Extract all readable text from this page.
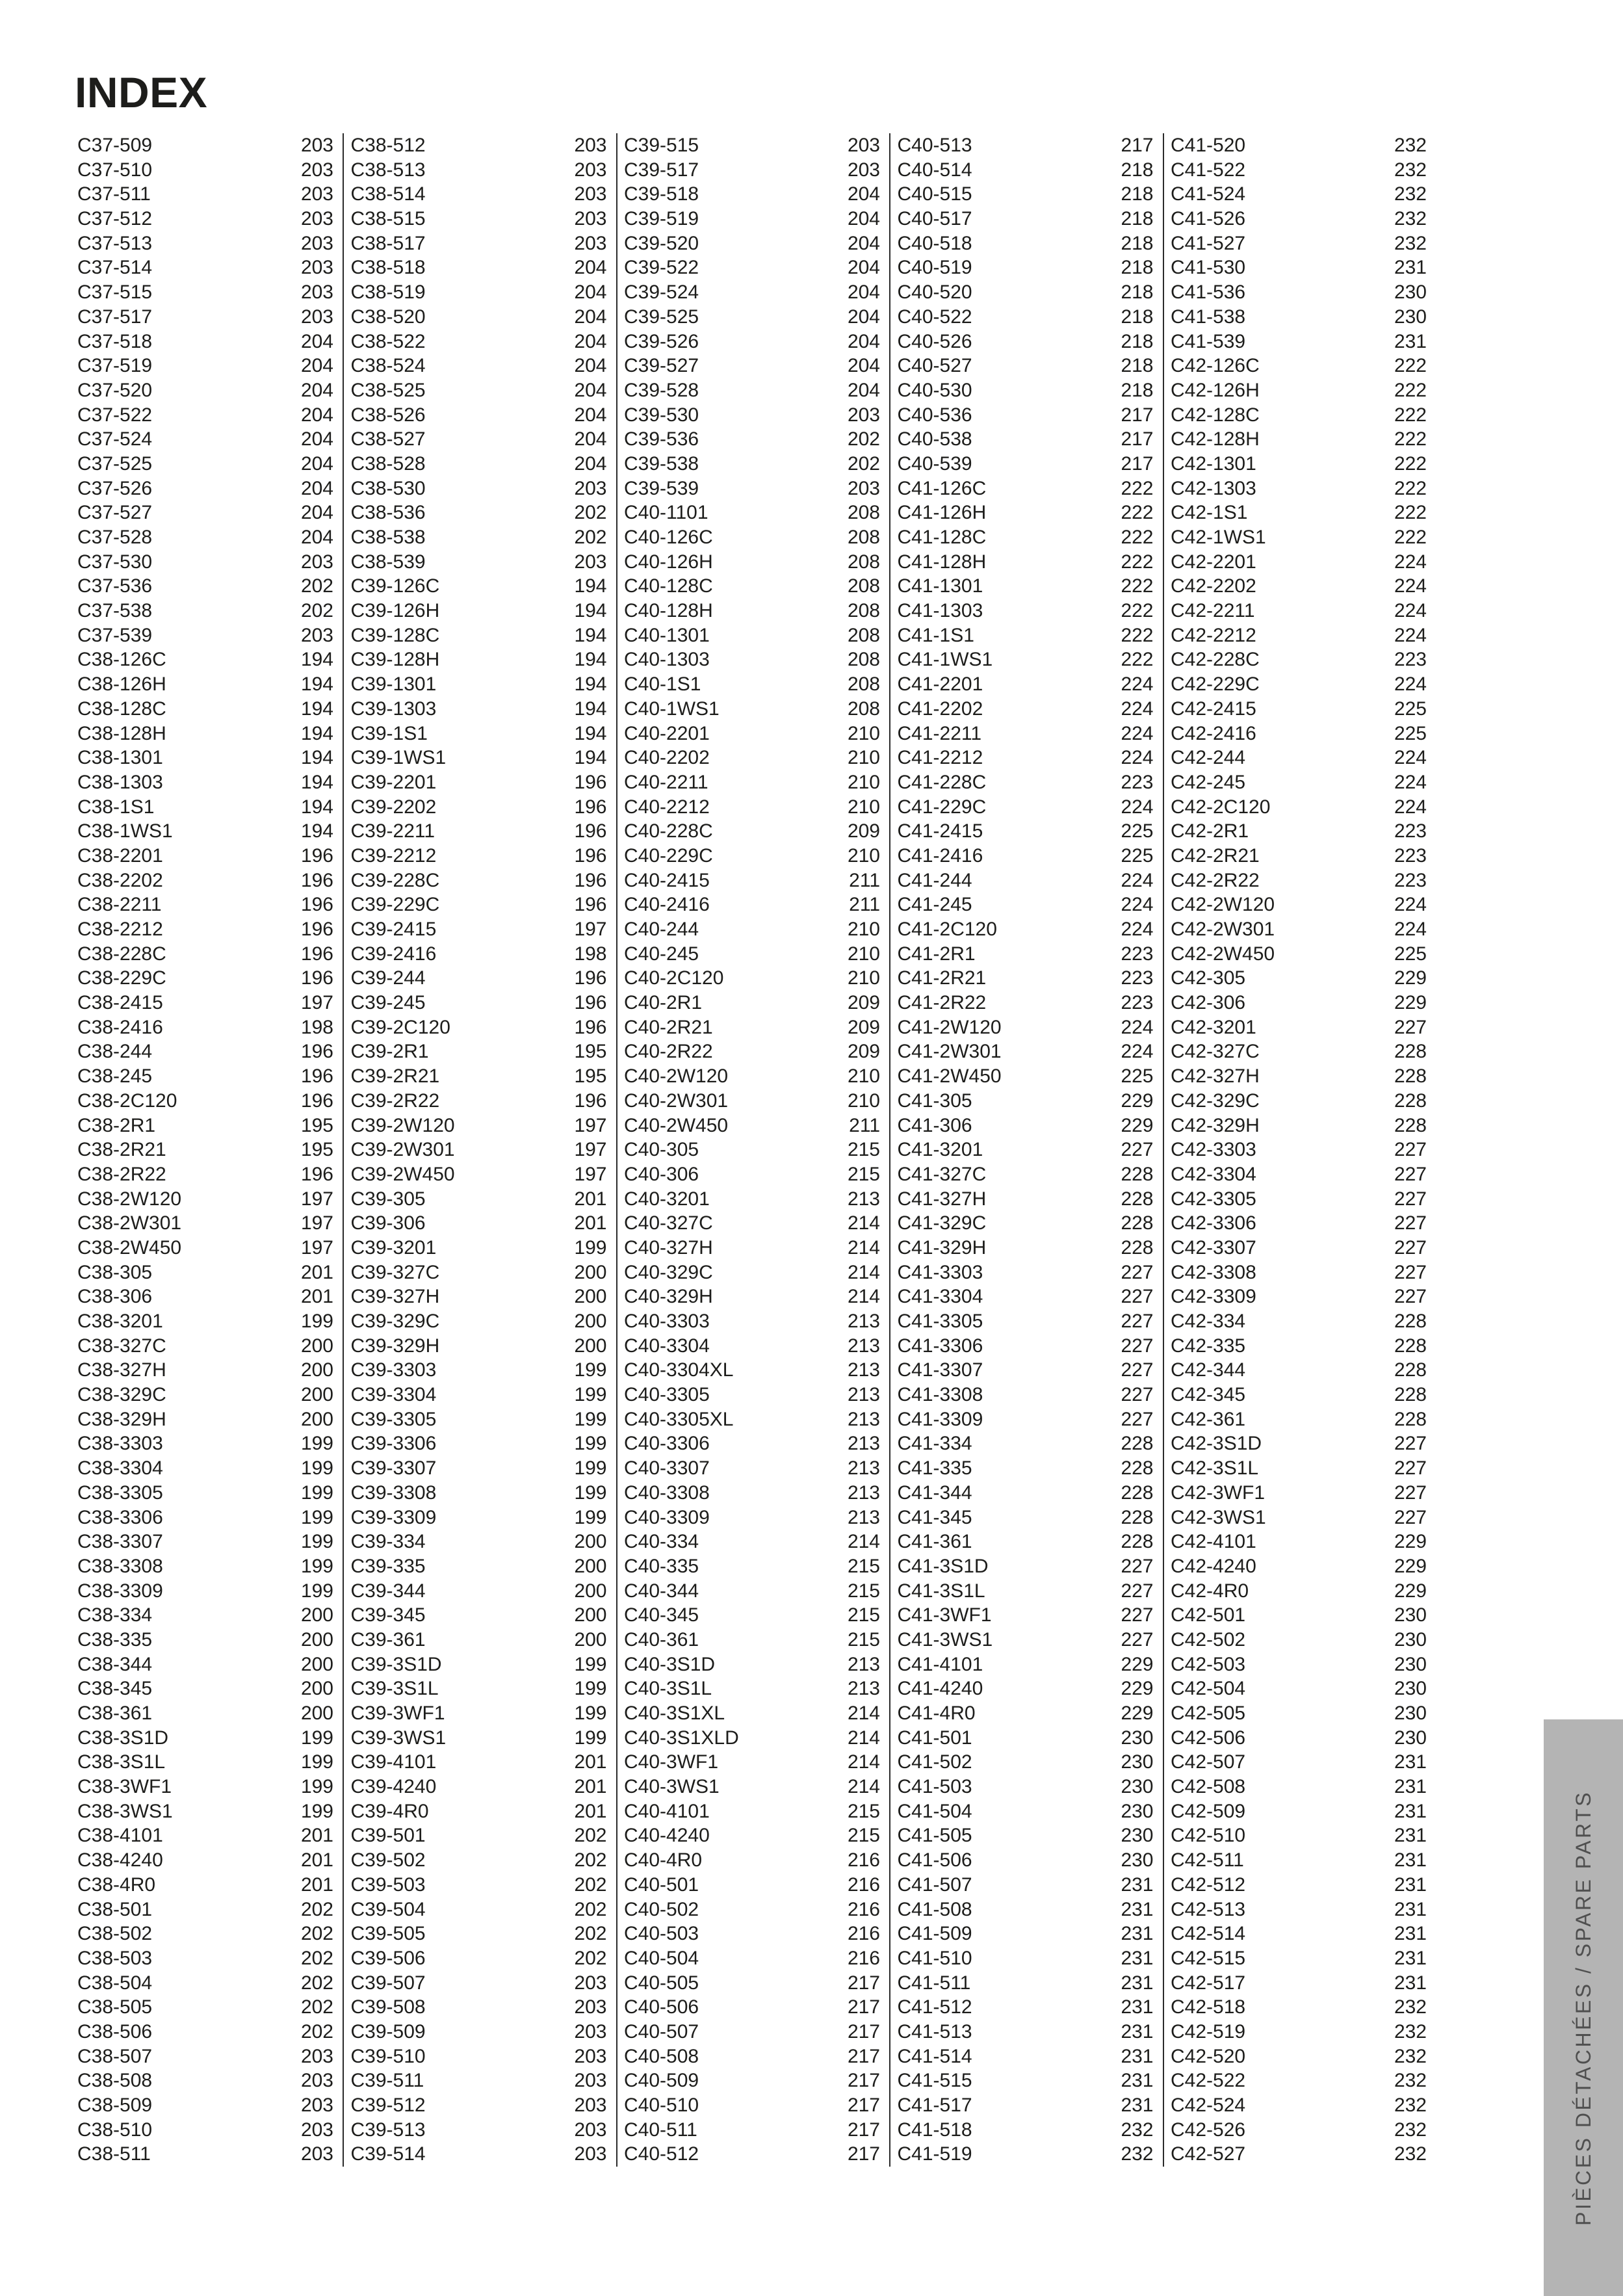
INDEX
C37-509	203
C37-510	203
C37-511	203
C37-512	203
C37-513	203
C37-514	203
C37-515	203
C37-517	203
C37-518	204
C37-519	204
C37-520	204
C37-522	204
C37-524	204
C37-525	204
C37-526	204
C37-527	204
C37-528	204
C37-530	203
C37-536	202
C37-538	202
C37-539	203
C38-126C	194
C38-126H	194
C38-128C	194
C38-128H	194
C38-1301	194
C38-1303	194
C38-1S1	194
C38-1WS1	194
C38-2201	196
C38-2202	196
C38-2211	196
C38-2212	196
C38-228C	196
C38-229C	196
C38-2415	197
C38-2416	198
C38-244	196
C38-245	196
C38-2C120	196
C38-2R1	195
C38-2R21	195
C38-2R22	196
C38-2W120	197
C38-2W301	197
C38-2W450	197
C38-305	201
C38-306	201
C38-3201	199
C38-327C	200
C38-327H	200
C38-329C	200
C38-329H	200
C38-3303	199
C38-3304	199
C38-3305	199
C38-3306	199
C38-3307	199
C38-3308	199
C38-3309	199
C38-334	200
C38-335	200
C38-344	200
C38-345	200
C38-361	200
C38-3S1D	199
C38-3S1L	199
C38-3WF1	199
C38-3WS1	199
C38-4101	201
C38-4240	201
C38-4R0	201
C38-501	202
C38-502	202
C38-503	202
C38-504	202
C38-505	202
C38-506	202
C38-507	203
C38-508	203
C38-509	203
C38-510	203
C38-511	203
C38-512	203
C38-513	203
C38-514	203
C38-515	203
C38-517	203
C38-518	204
C38-519	204
C38-520	204
C38-522	204
C38-524	204
C38-525	204
C38-526	204
C38-527	204
C38-528	204
C38-530	203
C38-536	202
C38-538	202
C38-539	203
C39-126C	194
C39-126H	194
C39-128C	194
C39-128H	194
C39-1301	194
C39-1303	194
C39-1S1	194
C39-1WS1	194
C39-2201	196
C39-2202	196
C39-2211	196
C39-2212	196
C39-228C	196
C39-229C	196
C39-2415	197
C39-2416	198
C39-244	196
C39-245	196
C39-2C120	196
C39-2R1	195
C39-2R21	195
C39-2R22	196
C39-2W120	197
C39-2W301	197
C39-2W450	197
C39-305	201
C39-306	201
C39-3201	199
C39-327C	200
C39-327H	200
C39-329C	200
C39-329H	200
C39-3303	199
C39-3304	199
C39-3305	199
C39-3306	199
C39-3307	199
C39-3308	199
C39-3309	199
C39-334	200
C39-335	200
C39-344	200
C39-345	200
C39-361	200
C39-3S1D	199
C39-3S1L	199
C39-3WF1	199
C39-3WS1	199
C39-4101	201
C39-4240	201
C39-4R0	201
C39-501	202
C39-502	202
C39-503	202
C39-504	202
C39-505	202
C39-506	202
C39-507	203
C39-508	203
C39-509	203
C39-510	203
C39-511	203
C39-512	203
C39-513	203
C39-514	203
C39-515	203
C39-517	203
C39-518	204
C39-519	204
C39-520	204
C39-522	204
C39-524	204
C39-525	204
C39-526	204
C39-527	204
C39-528	204
C39-530	203
C39-536	202
C39-538	202
C39-539	203
C40-1101	208
C40-126C	208
C40-126H	208
C40-128C	208
C40-128H	208
C40-1301	208
C40-1303	208
C40-1S1	208
C40-1WS1	208
C40-2201	210
C40-2202	210
C40-2211	210
C40-2212	210
C40-228C	209
C40-229C	210
C40-2415	211
C40-2416	211
C40-244	210
C40-245	210
C40-2C120	210
C40-2R1	209
C40-2R21	209
C40-2R22	209
C40-2W120	210
C40-2W301	210
C40-2W450	211
C40-305	215
C40-306	215
C40-3201	213
C40-327C	214
C40-327H	214
C40-329C	214
C40-329H	214
C40-3303	213
C40-3304	213
C40-3304XL	213
C40-3305	213
C40-3305XL	213
C40-3306	213
C40-3307	213
C40-3308	213
C40-3309	213
C40-334	214
C40-335	215
C40-344	215
C40-345	215
C40-361	215
C40-3S1D	213
C40-3S1L	213
C40-3S1XL	214
C40-3S1XLD	214
C40-3WF1	214
C40-3WS1	214
C40-4101	215
C40-4240	215
C40-4R0	216
C40-501	216
C40-502	216
C40-503	216
C40-504	216
C40-505	217
C40-506	217
C40-507	217
C40-508	217
C40-509	217
C40-510	217
C40-511	217
C40-512	217
C40-513	217
C40-514	218
C40-515	218
C40-517	218
C40-518	218
C40-519	218
C40-520	218
C40-522	218
C40-526	218
C40-527	218
C40-530	218
C40-536	217
C40-538	217
C40-539	217
C41-126C	222
C41-126H	222
C41-128C	222
C41-128H	222
C41-1301	222
C41-1303	222
C41-1S1	222
C41-1WS1	222
C41-2201	224
C41-2202	224
C41-2211	224
C41-2212	224
C41-228C	223
C41-229C	224
C41-2415	225
C41-2416	225
C41-244	224
C41-245	224
C41-2C120	224
C41-2R1	223
C41-2R21	223
C41-2R22	223
C41-2W120	224
C41-2W301	224
C41-2W450	225
C41-305	229
C41-306	229
C41-3201	227
C41-327C	228
C41-327H	228
C41-329C	228
C41-329H	228
C41-3303	227
C41-3304	227
C41-3305	227
C41-3306	227
C41-3307	227
C41-3308	227
C41-3309	227
C41-334	228
C41-335	228
C41-344	228
C41-345	228
C41-361	228
C41-3S1D	227
C41-3S1L	227
C41-3WF1	227
C41-3WS1	227
C41-4101	229
C41-4240	229
C41-4R0	229
C41-501	230
C41-502	230
C41-503	230
C41-504	230
C41-505	230
C41-506	230
C41-507	231
C41-508	231
C41-509	231
C41-510	231
C41-511	231
C41-512	231
C41-513	231
C41-514	231
C41-515	231
C41-517	231
C41-518	232
C41-519	232
C41-520	232
C41-522	232
C41-524	232
C41-526	232
C41-527	232
C41-530	231
C41-536	230
C41-538	230
C41-539	231
C42-126C	222
C42-126H	222
C42-128C	222
C42-128H	222
C42-1301	222
C42-1303	222
C42-1S1	222
C42-1WS1	222
C42-2201	224
C42-2202	224
C42-2211	224
C42-2212	224
C42-228C	223
C42-229C	224
C42-2415	225
C42-2416	225
C42-244	224
C42-245	224
C42-2C120	224
C42-2R1	223
C42-2R21	223
C42-2R22	223
C42-2W120	224
C42-2W301	224
C42-2W450	225
C42-305	229
C42-306	229
C42-3201	227
C42-327C	228
C42-327H	228
C42-329C	228
C42-329H	228
C42-3303	227
C42-3304	227
C42-3305	227
C42-3306	227
C42-3307	227
C42-3308	227
C42-3309	227
C42-334	228
C42-335	228
C42-344	228
C42-345	228
C42-361	228
C42-3S1D	227
C42-3S1L	227
C42-3WF1	227
C42-3WS1	227
C42-4101	229
C42-4240	229
C42-4R0	229
C42-501	230
C42-502	230
C42-503	230
C42-504	230
C42-505	230
C42-506	230
C42-507	231
C42-508	231
C42-509	231
C42-510	231
C42-511	231
C42-512	231
C42-513	231
C42-514	231
C42-515	231
C42-517	231
C42-518	232
C42-519	232
C42-520	232
C42-522	232
C42-524	232
C42-526	232
C42-527	232	PIÈCES DÉTACHÉES / SPARE PARTS
